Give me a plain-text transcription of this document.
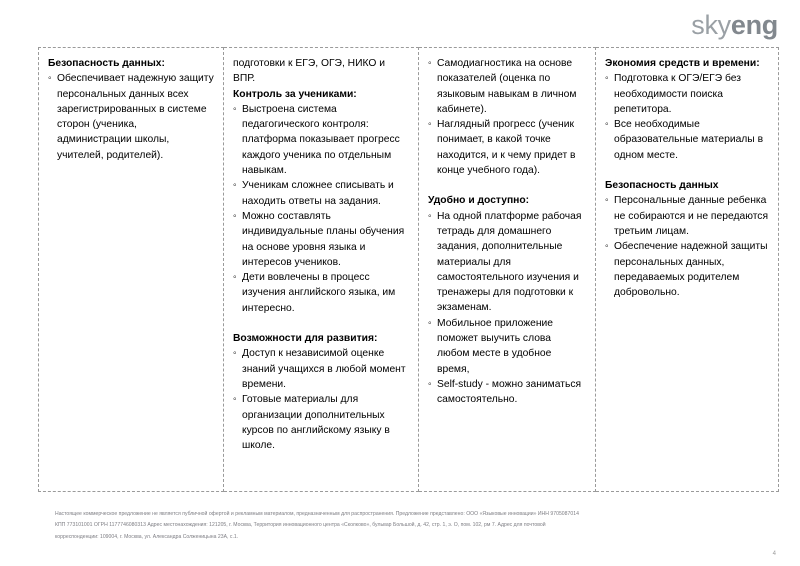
skyeng
Безопасность данных:
◦ Обеспечивает надежную защиту персональных данных всех зарегистрированных в системе сторон (ученика, администрации школы, учителей, родителей).

подготовки к ЕГЭ, ОГЭ, НИКО и ВПР.
Контроль за учениками:
◦ Выстроена система педагогического контроля: платформа показывает прогресс каждого ученика по отдельным навыкам.
◦ Ученикам сложнее списывать и находить ответы на задания.
◦ Можно составлять индивидуальные планы обучения на основе уровня языка и интересов учеников.
◦ Дети вовлечены в процесс изучения английского языка, им интересно.
Возможности для развития:
◦ Доступ к независимой оценке знаний учащихся в любой момент времени.
◦ Готовые материалы для организации дополнительных курсов по английскому языку в школе.

◦ Самодиагностика на основе показателей (оценка по языковым навыкам в личном кабинете).
◦ Наглядный прогресс (ученик понимает, в какой точке находится, и к чему придет в конце учебного года).
Удобно и доступно:
◦ На одной платформе рабочая тетрадь для домашнего задания, дополнительные материалы для самостоятельного изучения и тренажеры для подготовки к экзаменам.
◦ Мобильное приложение поможет выучить слова любом месте в удобное время,
◦ Self-study - можно заниматься самостоятельно.

Экономия средств и времени:
◦ Подготовка к ОГЭ/ЕГЭ без необходимости поиска репетитора.
◦ Все необходимые образовательные материалы в одном месте.
Безопасность данных
◦ Персональные данные ребенка не собираются и не передаются третьим лицам.
◦ Обеспечение надежной защиты персональных данных, передаваемых родителем добровольно.

Настоящее коммерческое предложение не является публичной офертой и рекламным материалом, предназначенным для распространения. Предложение представлено: ООО «Языковые инновации» ИНН 9705087014

КПП 773101001 ОГРН 1177746080313 Адрес местонахождения: 121205, г. Москва, Территория инновационного центра «Сколково», бульвар Большой, д. 42, стр. 1, э. О, пом. 102, рм 7. Адрес для почтовой

корреспонденции: 109004, г. Москва, ул. Александра Солженицына 23А, с.1.

4
